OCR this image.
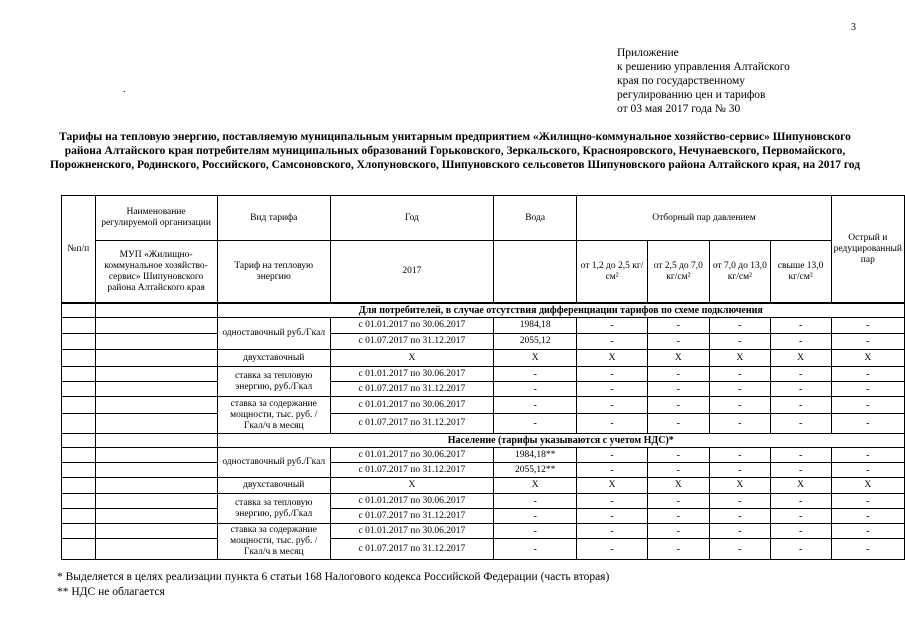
3
.
Приложение
к решению управления Алтайского
края по государственному
регулированию цен и тарифов
от 03 мая 2017 года № 30
Тарифы на тепловую энергию, поставляемую муниципальным унитарным предприятием «Жилищно-коммунальное хозяйство-сервис» Шипуновского района Алтайского края потребителям муниципальных образований Горьковского, Зеркальского, Краснояровского, Нечунаевского, Первомайского, Порожненского, Родинского, Российского, Самсоновского, Хлопуновского, Шипуновского сельсоветов Шипуновского района Алтайского края, на 2017 год
№п/п	Наименование регулируемой организации	Вид тарифа	Год	Вода	Отборный пар давлением				Острый и редуцированный пар
	МУП «Жилищно-коммунальное хозяйство-сервис» Шипуновского района Алтайского края	Тариф на тепловую энергию	2017		от 1,2 до 2,5 кг/см²	от 2,5 до 7,0 кг/см²	от 7,0 до 13,0 кг/см²	свыше 13,0 кг/см²	

		Для потребителей, в случае отсутствия дифференциации тарифов по схеме подключения							
		одноставочный руб./Гкал	с 01.01.2017 по 30.06.2017	1984,18	-	-	-	-	-
			с 01.07.2017 по 31.12.2017	2055,12	-	-	-	-	-
		двухставочный	Х	Х	Х	Х	Х	Х	Х
		ставка за тепловую энергию, руб./Гкал	с 01.01.2017 по 30.06.2017	-	-	-	-	-	-
			с 01.07.2017 по 31.12.2017	-	-	-	-	-	-
		ставка за содержание мощности, тыс. руб. /Гкал/ч в месяц	с 01.01.2017 по 30.06.2017	-	-	-	-	-	-
			с 01.07.2017 по 31.12.2017	-	-	-	-	-	-
		Население (тарифы указываются с учетом НДС)*							
		одноставочный руб./Гкал	с 01.01.2017 по 30.06.2017	1984,18**	-	-	-	-	-
			с 01.07.2017 по 31.12.2017	2055,12**	-	-	-	-	-
		двухставочный	Х	Х	Х	Х	Х	Х	Х
		ставка за тепловую энергию, руб./Гкал	с 01.01.2017 по 30.06.2017	-	-	-	-	-	-
			с 01.07.2017 по 31.12.2017	-	-	-	-	-	-
		ставка за содержание мощности, тыс. руб. /Гкал/ч в месяц	с 01.01.2017 по 30.06.2017	-	-	-	-	-	-
			с 01.07.2017 по 31.12.2017	-	-	-	-	-	-
* Выделяется в целях реализации пункта 6 статьи 168 Налогового кодекса Российской Федерации (часть вторая)
** НДС не облагается
